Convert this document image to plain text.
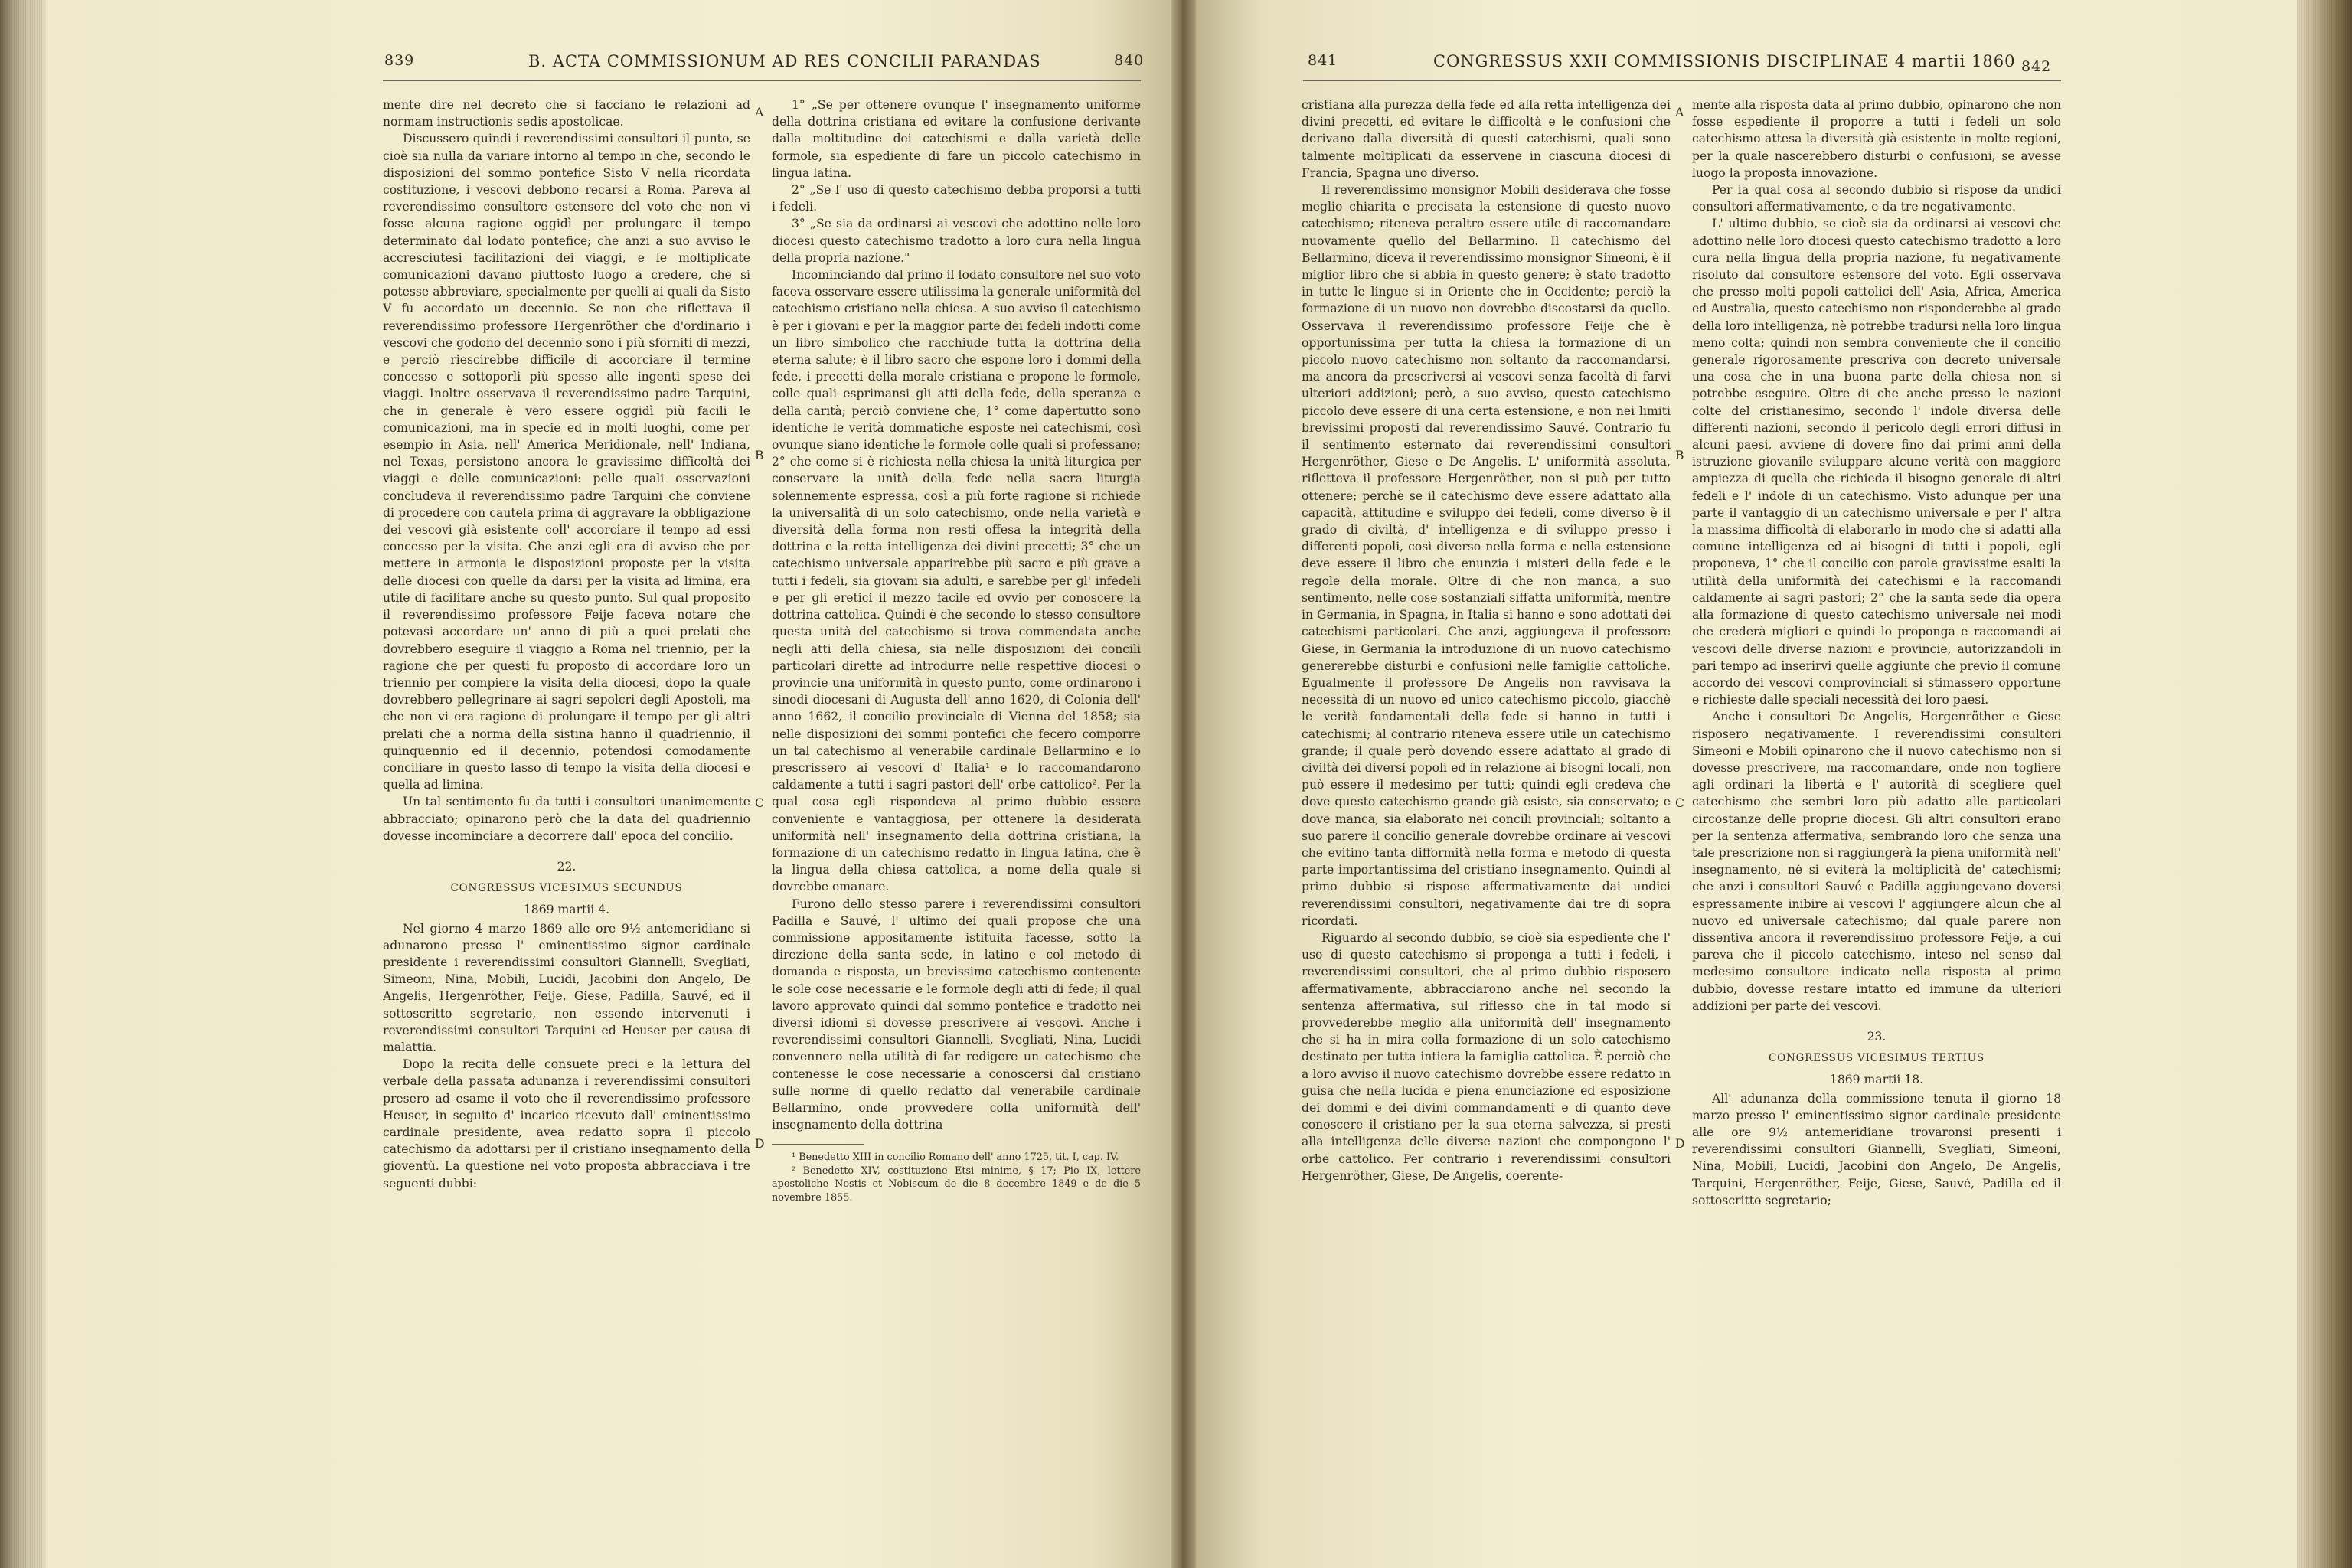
839	B. ACTA COMMISSIONUM AD RES CONCILII PARANDAS	840

mente dire nel decreto che si facciano le relazioni ad normam instructionis sedis apostolicae.

Discussero quindi i reverendissimi consultori il punto, se cioè sia nulla da variare intorno al tempo in che, secondo le disposizioni del sommo pontefice Sisto V nella ricordata costituzione, i vescovi debbono recarsi a Roma. Pareva al reverendissimo consultore estensore del voto che non vi fosse alcuna ragione oggidì per prolungare il tempo determinato dal lodato pontefice; che anzi a suo avviso le accresciutesi facilitazioni dei viaggi, e le moltiplicate comunicazioni davano piuttosto luogo a credere, che si potesse abbreviare, specialmente per quelli ai quali da Sisto V fu accordato un decennio. Se non che riflettava il reverendissimo professore Hergenröther che d'ordinario i vescovi che godono del decennio sono i più sforniti di mezzi, e perciò riescirebbe difficile di accorciare il termine concesso e sottoporli più spesso alle ingenti spese dei viaggi. Inoltre osservava il reverendissimo padre Tarquini, che in generale è vero essere oggidì più facili le comunicazioni, ma in specie ed in molti luoghi, come per esempio in Asia, nell' America Meridionale, nell' Indiana, nel Texas, persistono ancora le gravissime difficoltà dei viaggi e delle comunicazioni: pelle quali osservazioni concludeva il reverendissimo padre Tarquini che conviene di procedere con cautela prima di aggravare la obbligazione dei vescovi già esistente coll' accorciare il tempo ad essi concesso per la visita. Che anzi egli era di avviso che per mettere in armonia le disposizioni proposte per la visita delle diocesi con quelle da darsi per la visita ad limina, era utile di facilitare anche su questo punto. Sul qual proposito il reverendissimo professore Feije faceva notare che potevasi accordare un' anno di più a quei prelati che dovrebbero eseguire il viaggio a Roma nel triennio, per la ragione che per questi fu proposto di accordare loro un triennio per compiere la visita della diocesi, dopo la quale dovrebbero pellegrinare ai sagri sepolcri degli Apostoli, ma che non vi era ragione di prolungare il tempo per gli altri prelati che a norma della sistina hanno il quadriennio, il quinquennio ed il decennio, potendosi comodamente conciliare in questo lasso di tempo la visita della diocesi e quella ad limina.

Un tal sentimento fu da tutti i consultori unanimemente abbracciato; opinarono però che la data del quadriennio dovesse incominciare a decorrere dall' epoca del concilio.

22.
CONGRESSUS VICESIMUS SECUNDUS
1869 martii 4.

Nel giorno 4 marzo 1869 alle ore 9½ antemeridiane si adunarono presso l' eminentissimo signor cardinale presidente i reverendissimi consultori Giannelli, Svegliati, Simeoni, Nina, Mobili, Lucidi, Jacobini don Angelo, De Angelis, Hergenröther, Feije, Giese, Padilla, Sauvé, ed il sottoscritto segretario, non essendo intervenuti i reverendissimi consultori Tarquini ed Heuser per causa di malattia.

Dopo la recita delle consuete preci e la lettura del verbale della passata adunanza i reverendissimi consultori presero ad esame il voto che il reverendissimo professore Heuser, in seguito d' incarico ricevuto dall' eminentissimo cardinale presidente, avea redatto sopra il piccolo catechismo da adottarsi per il cristiano insegnamento della gioventù. La questione nel voto proposta abbracciava i tre seguenti dubbi:

A
B
C
D

1° „Se per ottenere ovunque l' insegnamento uniforme della dottrina cristiana ed evitare la confusione derivante dalla moltitudine dei catechismi e dalla varietà delle formole, sia espediente di fare un piccolo catechismo in lingua latina.

2° „Se l' uso di questo catechismo debba proporsi a tutti i fedeli.

3° „Se sia da ordinarsi ai vescovi che adottino nelle loro diocesi questo catechismo tradotto a loro cura nella lingua della propria nazione."

Incominciando dal primo il lodato consultore nel suo voto faceva osservare essere utilissima la generale uniformità del catechismo cristiano nella chiesa. A suo avviso il catechismo è per i giovani e per la maggior parte dei fedeli indotti come un libro simbolico che racchiude tutta la dottrina della eterna salute; è il libro sacro che espone loro i dommi della fede, i precetti della morale cristiana e propone le formole, colle quali esprimansi gli atti della fede, della speranza e della carità; perciò conviene che, 1° come dapertutto sono identiche le verità dommatiche esposte nei catechismi, così ovunque siano identiche le formole colle quali si professano; 2° che come si è richiesta nella chiesa la unità liturgica per conservare la unità della fede nella sacra liturgia solennemente espressa, così a più forte ragione si richiede la universalità di un solo catechismo, onde nella varietà e diversità della forma non resti offesa la integrità della dottrina e la retta intelligenza dei divini precetti; 3° che un catechismo universale apparirebbe più sacro e più grave a tutti i fedeli, sia giovani sia adulti, e sarebbe per gl' infedeli e per gli eretici il mezzo facile ed ovvio per conoscere la dottrina cattolica. Quindi è che secondo lo stesso consultore questa unità del catechismo si trova commendata anche negli atti della chiesa, sia nelle disposizioni dei concili particolari dirette ad introdurre nelle respettive diocesi o provincie una uniformità in questo punto, come ordinarono i sinodi diocesani di Augusta dell' anno 1620, di Colonia dell' anno 1662, il concilio provinciale di Vienna del 1858; sia nelle disposizioni dei sommi pontefici che fecero comporre un tal catechismo al venerabile cardinale Bellarmino e lo prescrissero ai vescovi d' Italia¹ e lo raccomandarono caldamente a tutti i sagri pastori dell' orbe cattolico². Per la qual cosa egli rispondeva al primo dubbio essere conveniente e vantaggiosa, per ottenere la desiderata uniformità nell' insegnamento della dottrina cristiana, la formazione di un catechismo redatto in lingua latina, che è la lingua della chiesa cattolica, a nome della quale si dovrebbe emanare.

Furono dello stesso parere i reverendissimi consultori Padilla e Sauvé, l' ultimo dei quali propose che una commissione appositamente istituita facesse, sotto la direzione della santa sede, in latino e col metodo di domanda e risposta, un brevissimo catechismo contenente le sole cose necessarie e le formole degli atti di fede; il qual lavoro approvato quindi dal sommo pontefice e tradotto nei diversi idiomi si dovesse prescrivere ai vescovi. Anche i reverendissimi consultori Giannelli, Svegliati, Nina, Lucidi convennero nella utilità di far redigere un catechismo che contenesse le cose necessarie a conoscersi dal cristiano sulle norme di quello redatto dal venerabile cardinale Bellarmino, onde provvedere colla uniformità dell' insegnamento della dottrina

¹ Benedetto XIII in concilio Romano dell' anno 1725, tit. I, cap. IV.

² Benedetto XIV, costituzione Etsi minime, § 17; Pio IX, lettere apostoliche Nostis et Nobiscum de die 8 decembre 1849 e de die 5 novembre 1855.

841	CONGRESSUS XXII COMMISSIONIS DISCIPLINAE 4 martii 1860 842

cristiana alla purezza della fede ed alla retta intelligenza dei divini precetti, ed evitare le difficoltà e le confusioni che derivano dalla diversità di questi catechismi, quali sono talmente moltiplicati da esservene in ciascuna diocesi di Francia, Spagna uno diverso.

Il reverendissimo monsignor Mobili desiderava che fosse meglio chiarita e precisata la estensione di questo nuovo catechismo; riteneva peraltro essere utile di raccomandare nuovamente quello del Bellarmino. Il catechismo del Bellarmino, diceva il reverendissimo monsignor Simeoni, è il miglior libro che si abbia in questo genere; è stato tradotto in tutte le lingue si in Oriente che in Occidente; perciò la formazione di un nuovo non dovrebbe discostarsi da quello. Osservava il reverendissimo professore Feije che è opportunissima per tutta la chiesa la formazione di un piccolo nuovo catechismo non soltanto da raccomandarsi, ma ancora da prescriversi ai vescovi senza facoltà di farvi ulteriori addizioni; però, a suo avviso, questo catechismo piccolo deve essere di una certa estensione, e non nei limiti brevissimi proposti dal reverendissimo Sauvé. Contrario fu il sentimento esternato dai reverendissimi consultori Hergenröther, Giese e De Angelis. L' uniformità assoluta, rifletteva il professore Hergenröther, non si può per tutto ottenere; perchè se il catechismo deve essere adattato alla capacità, attitudine e sviluppo dei fedeli, come diverso è il grado di civiltà, d' intelligenza e di sviluppo presso i differenti popoli, così diverso nella forma e nella estensione deve essere il libro che enunzia i misteri della fede e le regole della morale. Oltre di che non manca, a suo sentimento, nelle cose sostanziali siffatta uniformità, mentre in Germania, in Spagna, in Italia si hanno e sono adottati dei catechismi particolari. Che anzi, aggiungeva il professore Giese, in Germania la introduzione di un nuovo catechismo genererebbe disturbi e confusioni nelle famiglie cattoliche. Egualmente il professore De Angelis non ravvisava la necessità di un nuovo ed unico catechismo piccolo, giacchè le verità fondamentali della fede si hanno in tutti i catechismi; al contrario riteneva essere utile un catechismo grande; il quale però dovendo essere adattato al grado di civiltà dei diversi popoli ed in relazione ai bisogni locali, non può essere il medesimo per tutti; quindi egli credeva che dove questo catechismo grande già esiste, sia conservato; e dove manca, sia elaborato nei concili provinciali; soltanto a suo parere il concilio generale dovrebbe ordinare ai vescovi che evitino tanta difformità nella forma e metodo di questa parte importantissima del cristiano insegnamento. Quindi al primo dubbio si rispose affermativamente dai undici reverendissimi consultori, negativamente dai tre di sopra ricordati.

Riguardo al secondo dubbio, se cioè sia espediente che l' uso di questo catechismo si proponga a tutti i fedeli, i reverendissimi consultori, che al primo dubbio risposero affermativamente, abbracciarono anche nel secondo la sentenza affermativa, sul riflesso che in tal modo si provvederebbe meglio alla uniformità dell' insegnamento che si ha in mira colla formazione di un solo catechismo destinato per tutta intiera la famiglia cattolica. È perciò che a loro avviso il nuovo catechismo dovrebbe essere redatto in guisa che nella lucida e piena enunciazione ed esposizione dei dommi e dei divini commandamenti e di quanto deve conoscere il cristiano per la sua eterna salvezza, si presti alla intelligenza delle diverse nazioni che compongono l' orbe cattolico. Per contrario i reverendissimi consultori Hergenröther, Giese, De Angelis, coerente-

A
B
C
D

mente alla risposta data al primo dubbio, opinarono che non fosse espediente il proporre a tutti i fedeli un solo catechismo attesa la diversità già esistente in molte regioni, per la quale nascerebbero disturbi o confusioni, se avesse luogo la proposta innovazione.

Per la qual cosa al secondo dubbio si rispose da undici consultori affermativamente, e da tre negativamente.

L' ultimo dubbio, se cioè sia da ordinarsi ai vescovi che adottino nelle loro diocesi questo catechismo tradotto a loro cura nella lingua della propria nazione, fu negativamente risoluto dal consultore estensore del voto. Egli osservava che presso molti popoli cattolici dell' Asia, Africa, America ed Australia, questo catechismo non risponderebbe al grado della loro intelligenza, nè potrebbe tradursi nella loro lingua meno colta; quindi non sembra conveniente che il concilio generale rigorosamente prescriva con decreto universale una cosa che in una buona parte della chiesa non si potrebbe eseguire. Oltre di che anche presso le nazioni colte del cristianesimo, secondo l' indole diversa delle differenti nazioni, secondo il pericolo degli errori diffusi in alcuni paesi, avviene di dovere fino dai primi anni della istruzione giovanile sviluppare alcune verità con maggiore ampiezza di quella che richieda il bisogno generale di altri fedeli e l' indole di un catechismo. Visto adunque per una parte il vantaggio di un catechismo universale e per l' altra la massima difficoltà di elaborarlo in modo che si adatti alla comune intelligenza ed ai bisogni di tutti i popoli, egli proponeva, 1° che il concilio con parole gravissime esalti la utilità della uniformità dei catechismi e la raccomandi caldamente ai sagri pastori; 2° che la santa sede dia opera alla formazione di questo catechismo universale nei modi che crederà migliori e quindi lo proponga e raccomandi ai vescovi delle diverse nazioni e provincie, autorizzandoli in pari tempo ad inserirvi quelle aggiunte che previo il comune accordo dei vescovi comprovinciali si stimassero opportune e richieste dalle speciali necessità dei loro paesi.

Anche i consultori De Angelis, Hergenröther e Giese risposero negativamente. I reverendissimi consultori Simeoni e Mobili opinarono che il nuovo catechismo non si dovesse prescrivere, ma raccomandare, onde non togliere agli ordinari la libertà e l' autorità di scegliere quel catechismo che sembri loro più adatto alle particolari circostanze delle proprie diocesi. Gli altri consultori erano per la sentenza affermativa, sembrando loro che senza una tale prescrizione non si raggiungerà la piena uniformità nell' insegnamento, nè si eviterà la moltiplicità de' catechismi; che anzi i consultori Sauvé e Padilla aggiungevano doversi espressamente inibire ai vescovi l' aggiungere alcun che al nuovo ed universale catechismo; dal quale parere non dissentiva ancora il reverendissimo professore Feije, a cui pareva che il piccolo catechismo, inteso nel senso dal medesimo consultore indicato nella risposta al primo dubbio, dovesse restare intatto ed immune da ulteriori addizioni per parte dei vescovi.

23.
CONGRESSUS VICESIMUS TERTIUS
1869 martii 18.

All' adunanza della commissione tenuta il giorno 18 marzo presso l' eminentissimo signor cardinale presidente alle ore 9½ antemeridiane trovaronsi presenti i reverendissimi consultori Giannelli, Svegliati, Simeoni, Nina, Mobili, Lucidi, Jacobini don Angelo, De Angelis, Tarquini, Hergenröther, Feije, Giese, Sauvé, Padilla ed il sottoscritto segretario;
